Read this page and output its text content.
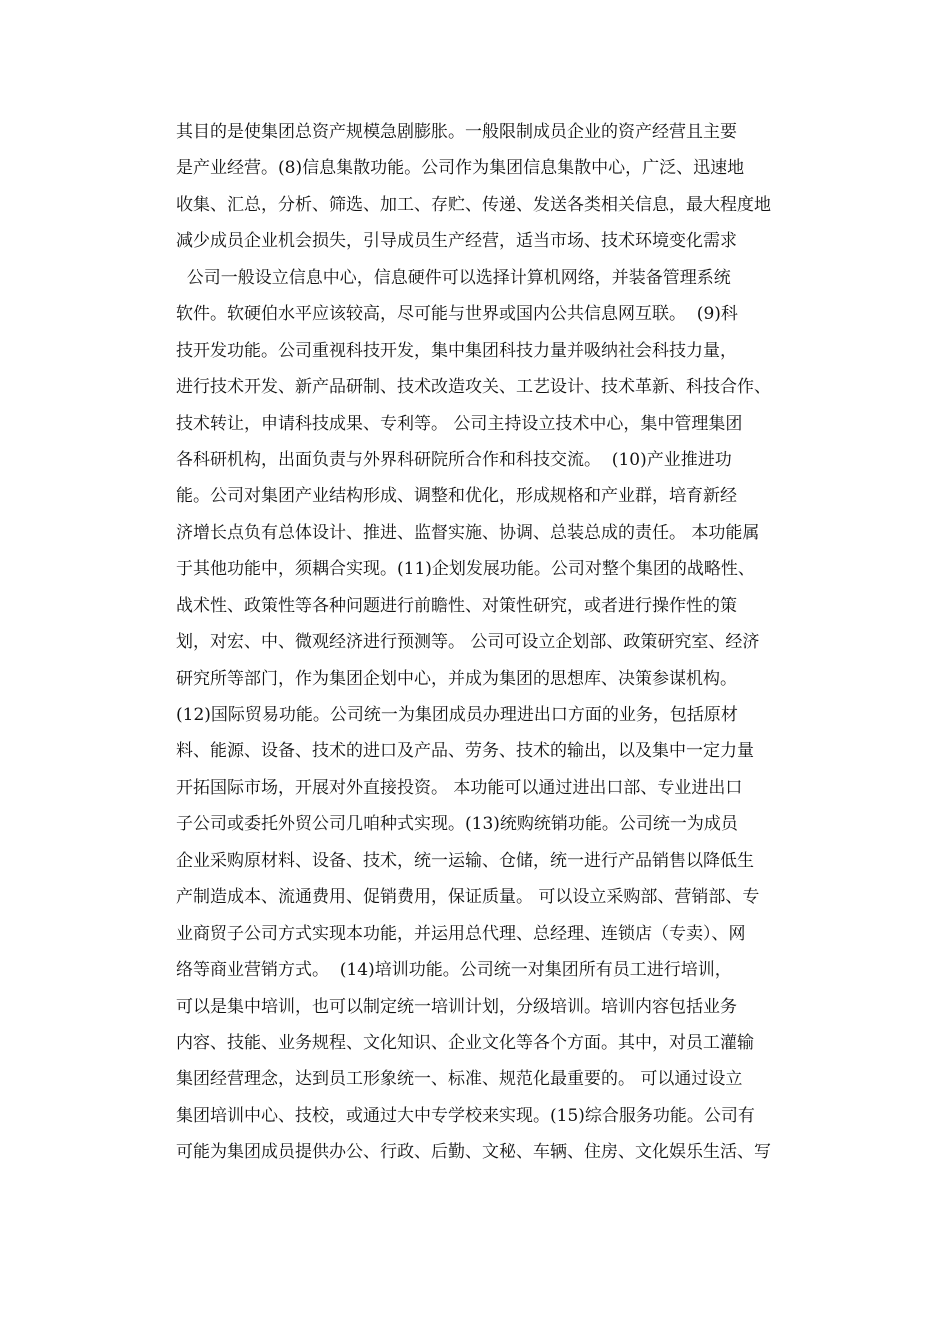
其目的是使集团总资产规模急剧膨胀。一般限制成员企业的资产经营且主要
是产业经营。(8)信息集散功能。公司作为集团信息集散中心，广泛、迅速地
收集、汇总，分析、筛选、加工、存贮、传递、发送各类相关信息，最大程度地
减少成员企业机会损失，引导成员生产经营，适当市场、技术环境变化需求
公司一般设立信息中心，信息硬件可以选择计算机网络，并装备管理系统
软件。软硬伯水平应该较高，尽可能与世界或国内公共信息网互联。  (9)科
技开发功能。公司重视科技开发，集中集团科技力量并吸纳社会科技力量，
进行技术开发、新产品研制、技术改造攻关、工艺设计、技术革新、科技合作、
技术转让，申请科技成果、专利等。 公司主持设立技术中心，集中管理集团
各科研机构，出面负责与外界科研院所合作和科技交流。  (10)产业推进功
能。公司对集团产业结构形成、调整和优化，形成规格和产业群，培育新经
济增长点负有总体设计、推进、监督实施、协调、总装总成的责任。 本功能属
于其他功能中，须耦合实现。(11)企划发展功能。公司对整个集团的战略性、
战术性、政策性等各种问题进行前瞻性、对策性研究，或者进行操作性的策
划，对宏、中、微观经济进行预测等。 公司可设立企划部、政策研究室、经济
研究所等部门，作为集团企划中心，并成为集团的思想库、决策参谋机构。
(12)国际贸易功能。公司统一为集团成员办理进出口方面的业务，包括原材
料、能源、设备、技术的进口及产品、劳务、技术的输出，以及集中一定力量
开拓国际市场，开展对外直接投资。 本功能可以通过进出口部、专业进出口
子公司或委托外贸公司几咱种式实现。(13)统购统销功能。公司统一为成员
企业采购原材料、设备、技术，统一运输、仓储，统一进行产品销售以降低生
产制造成本、流通费用、促销费用，保证质量。 可以设立采购部、营销部、专
业商贸子公司方式实现本功能，并运用总代理、总经理、连锁店（专卖）、网
络等商业营销方式。  (14)培训功能。公司统一对集团所有员工进行培训，
可以是集中培训，也可以制定统一培训计划，分级培训。培训内容包括业务
内容、技能、业务规程、文化知识、企业文化等各个方面。其中，对员工灌输
集团经营理念，达到员工形象统一、标准、规范化最重要的。 可以通过设立
集团培训中心、技校，或通过大中专学校来实现。(15)综合服务功能。公司有
可能为集团成员提供办公、行政、后勤、文秘、车辆、住房、文化娱乐生活、写
